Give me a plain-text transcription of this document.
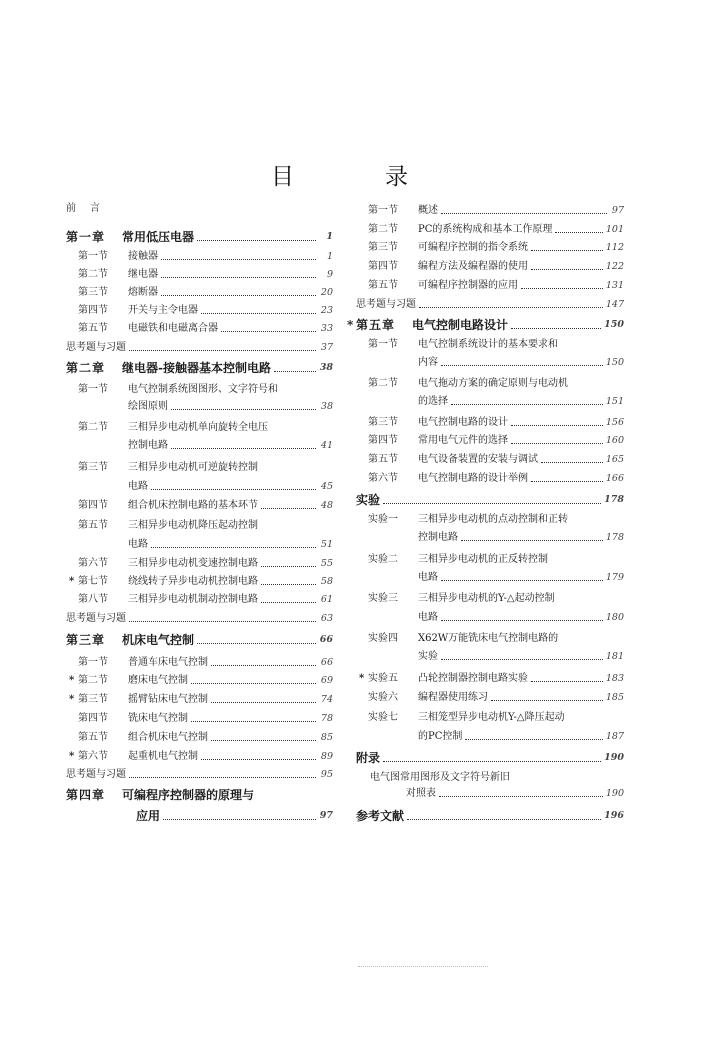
目　录
前　言
第一章	常用低压电器	1
第一节	接触器	1
第二节	继电器	9
第三节	熔断器	20
第四节	开关与主令电器	23
第五节	电磁铁和电磁离合器	33
思考题与习题	37
第二章	继电器-接触器基本控制电路	38
第一节	电气控制系统图图形、文字符号和
绘图原则	38
第二节	三相异步电动机单向旋转全电压
控制电路	41
第三节	三相异步电动机可逆旋转控制
电路	45
第四节	组合机床控制电路的基本环节	48
第五节	三相异步电动机降压起动控制
电路	51
第六节	三相异步电动机变速控制电路	55
* 第七节	绕线转子异步电动机控制电路	58
第八节	三相异步电动机制动控制电路	61
思考题与习题	63
第三章	机床电气控制	66
第一节	普通车床电气控制	66
* 第二节	磨床电气控制	69
* 第三节	摇臂钻床电气控制	74
第四节	铣床电气控制	78
第五节	组合机床电气控制	85
* 第六节	起重机电气控制	89
思考题与习题	95
第四章	可编程序控制器的原理与
应用	97
第一节	概述	97
第二节	PC的系统构成和基本工作原理	101
第三节	可编程序控制的指令系统	112
第四节	编程方法及编程器的使用	122
第五节	可编程序控制器的应用	131
思考题与习题	147
* 第五章	电气控制电路设计	150
第一节	电气控制系统设计的基本要求和
内容	150
第二节	电气拖动方案的确定原则与电动机
的选择	151
第三节	电气控制电路的设计	156
第四节	常用电气元件的选择	160
第五节	电气设备装置的安装与调试	165
第六节	电气控制电路的设计举例	166
实验	178
实验一	三相异步电动机的点动控制和正转
控制电路	178
实验二	三相异步电动机的正反转控制
电路	179
实验三	三相异步电动机的Y-△起动控制
电路	180
实验四	X62W万能铣床电气控制电路的
实验	181
* 实验五	凸轮控制器控制电路实验	183
实验六	编程器使用练习	185
实验七	三相笼型异步电动机Y-△降压起动
的PC控制	187
附录	190
电气图常用图形及文字符号新旧
对照表	190
参考文献	196
